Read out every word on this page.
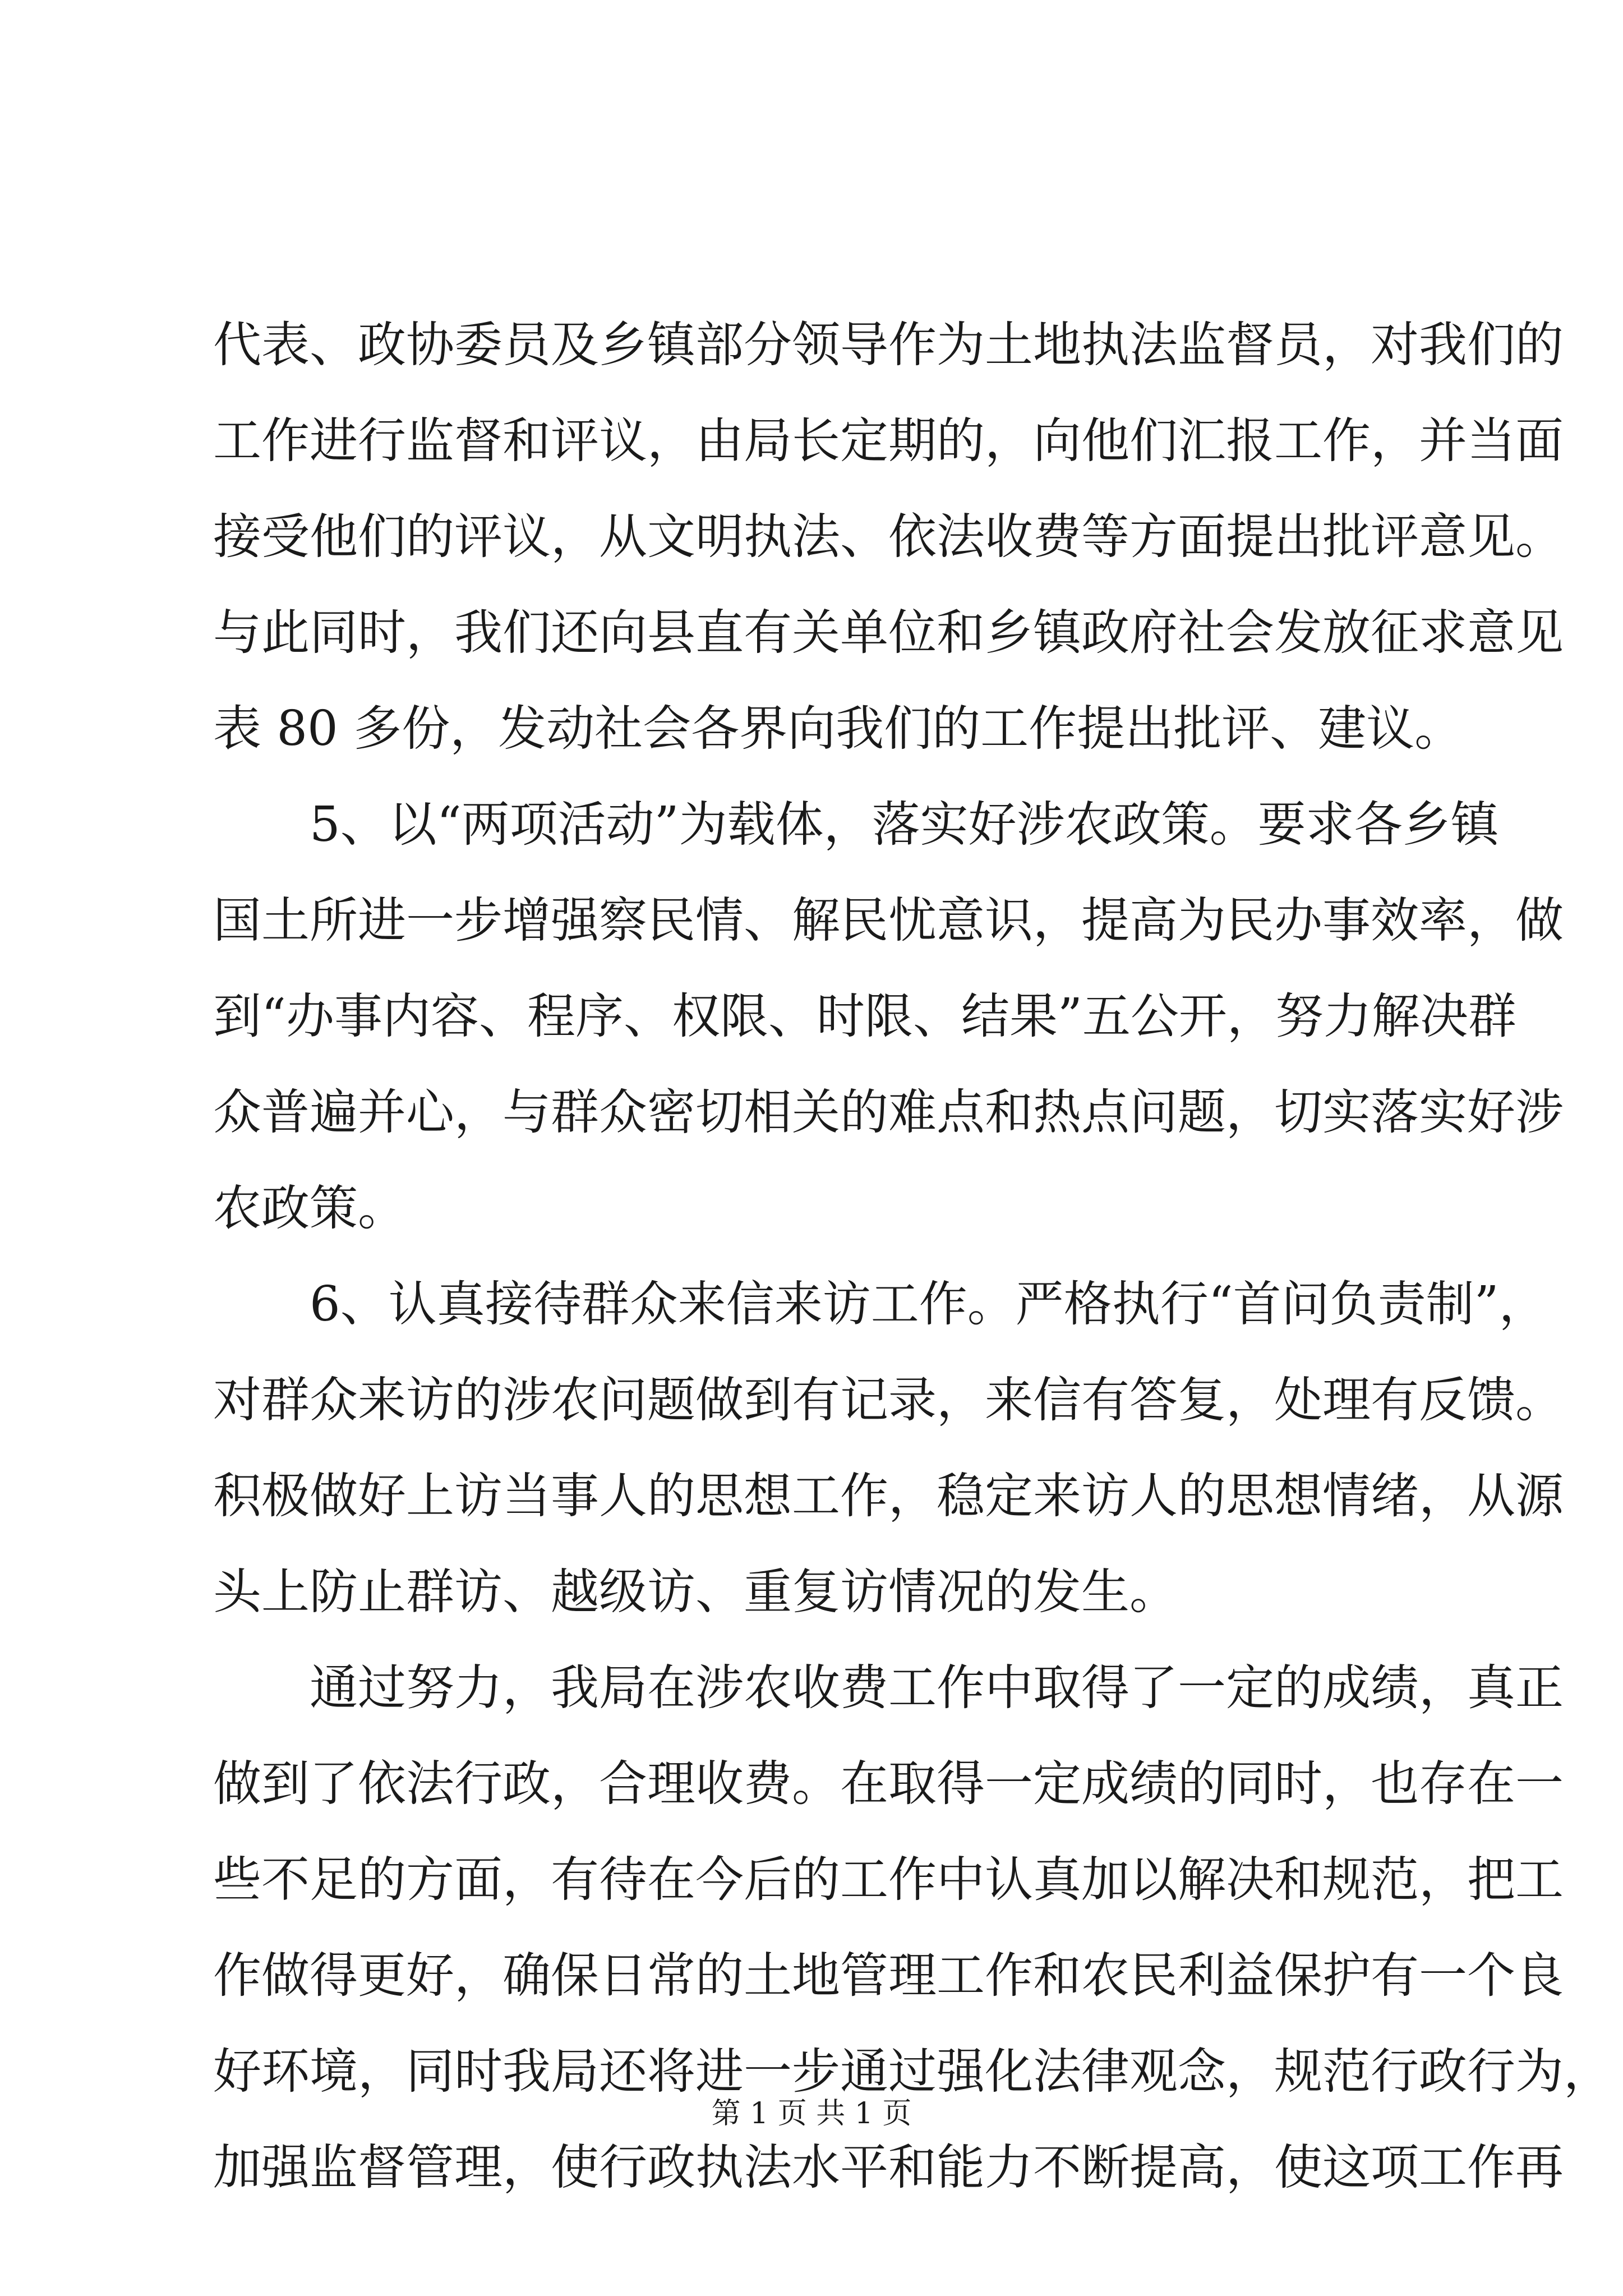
代表、政协委员及乡镇部分领导作为土地执法监督员，对我们的
工作进行监督和评议，由局长定期的，向他们汇报工作，并当面
接受他们的评议，从文明执法、依法收费等方面提出批评意见。
与此同时，我们还向县直有关单位和乡镇政府社会发放征求意见
表 80 多份，发动社会各界向我们的工作提出批评、建议。
5、以“两项活动”为载体，落实好涉农政策。要求各乡镇
国土所进一步增强察民情、解民忧意识，提高为民办事效率，做
到“办事内容、程序、权限、时限、结果”五公开，努力解决群
众普遍并心，与群众密切相关的难点和热点问题，切实落实好涉
农政策。
6、认真接待群众来信来访工作。严格执行“首问负责制”，
对群众来访的涉农问题做到有记录，来信有答复，处理有反馈。
积极做好上访当事人的思想工作，稳定来访人的思想情绪，从源
头上防止群访、越级访、重复访情况的发生。
通过努力，我局在涉农收费工作中取得了一定的成绩，真正
做到了依法行政，合理收费。在取得一定成绩的同时，也存在一
些不足的方面，有待在今后的工作中认真加以解决和规范，把工
作做得更好，确保日常的土地管理工作和农民利益保护有一个良
好环境，同时我局还将进一步通过强化法律观念，规范行政行为，
加强监督管理，使行政执法水平和能力不断提高，使这项工作再
第 1 页 共 1 页
